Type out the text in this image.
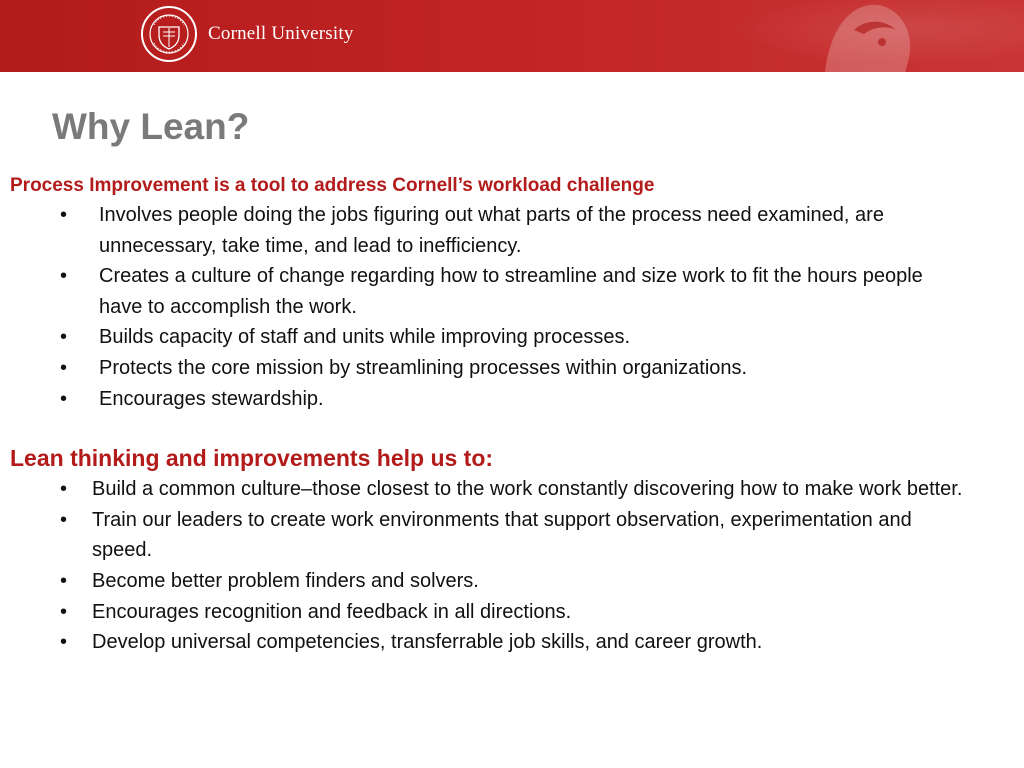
Cornell University
Why Lean?

Process Improvement is a tool to address Cornell’s workload challenge

• Involves people doing the jobs figuring out what parts of the process need examined, are unnecessary, take time, and lead to inefficiency.
• Creates a culture of change regarding how to streamline and size work to fit the hours people have to accomplish the work.
• Builds capacity of staff and units while improving processes.
• Protects the core mission by streamlining processes within organizations.
• Encourages stewardship.

Lean thinking and improvements help us to:

• Build a common culture–those closest to the work constantly discovering how to make work better.
• Train our leaders to create work environments that support observation, experimentation and speed.
• Become better problem finders and solvers.
• Encourages recognition and feedback in all directions.
• Develop universal competencies, transferrable job skills, and career growth.
